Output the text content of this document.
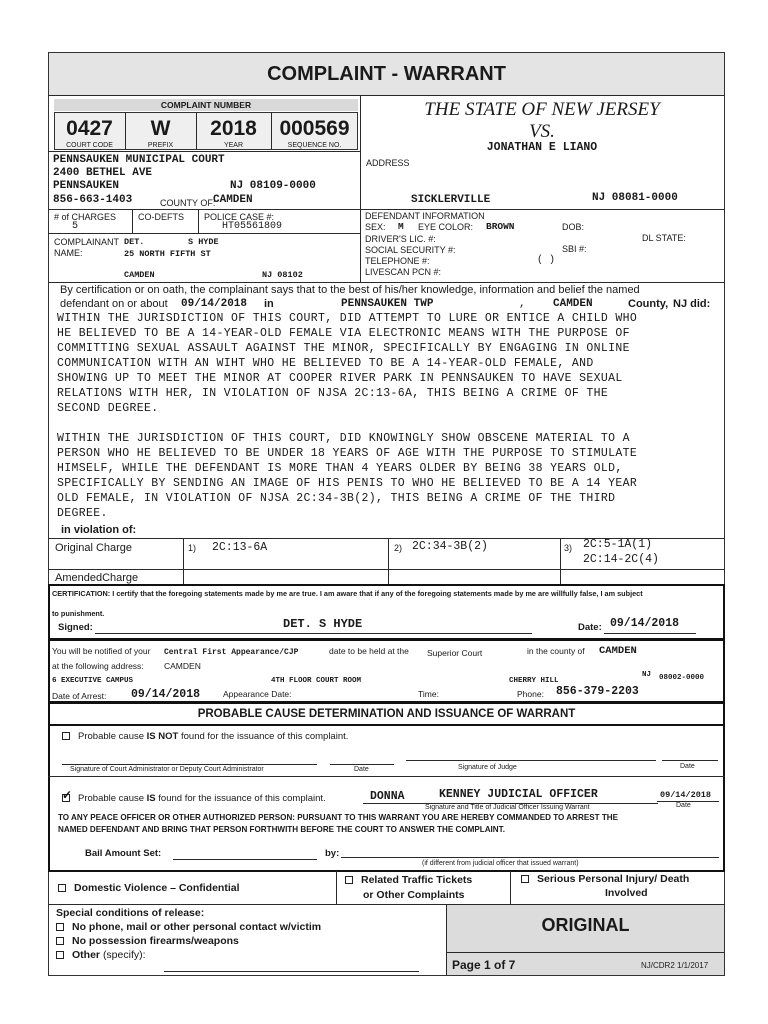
COMPLAINT - WARRANT
COMPLAINT NUMBER
0427	W	2018	000569
COURT CODE	PREFIX	YEAR	SEQUENCE NO.
THE STATE OF NEW JERSEY
VS.
JONATHAN E LIANO
ADDRESS
SICKLERVILLE	NJ 08081-0000
PENNSAUKEN MUNICIPAL COURT
2400 BETHEL AVE
PENNSAUKEN	NJ 08109-0000
856-663-1403	COUNTY OF:
CAMDEN
# of CHARGES
5
CO-DEFTS POLICE CASE #:
HT05561809
COMPLAINANT
NAME:
DET.	S HYDE
25 NORTH FIFTH ST
CAMDEN	NJ 08102
DEFENDANT INFORMATION
SEX: M EYE COLOR: BROWN	DOB:
DRIVER'S LIC. #:	DL STATE:
SOCIAL SECURITY #:	SBI #:
TELEPHONE #:	( )
LIVESCAN PCN #:
By certification or on oath, the complainant says that to the best of his/her knowledge, information and belief the named
defendant on or about 09/14/2018 in	PENNSAUKEN TWP	, CAMDEN	County, NJ did:
WITHIN THE JURISDICTION OF THIS COURT, DID ATTEMPT TO LURE OR ENTICE A CHILD WHO
HE BELIEVED TO BE A 14-YEAR-OLD FEMALE VIA ELECTRONIC MEANS WITH THE PURPOSE OF
COMMITTING SEXUAL ASSAULT AGAINST THE MINOR, SPECIFICALLY BY ENGAGING IN ONLINE
COMMUNICATION WITH AN WIHT WHO HE BELIEVED TO BE A 14-YEAR-OLD FEMALE, AND
SHOWING UP TO MEET THE MINOR AT COOPER RIVER PARK IN PENNSAUKEN TO HAVE SEXUAL
RELATIONS WITH HER, IN VIOLATION OF NJSA 2C:13-6A, THIS BEING A CRIME OF THE
SECOND DEGREE.
WITHIN THE JURISDICTION OF THIS COURT, DID KNOWINGLY SHOW OBSCENE MATERIAL TO A
PERSON WHO HE BELIEVED TO BE UNDER 18 YEARS OF AGE WITH THE PURPOSE TO STIMULATE
HIMSELF, WHILE THE DEFENDANT IS MORE THAN 4 YEARS OLDER BY BEING 38 YEARS OLD,
SPECIFICALLY BY SENDING AN IMAGE OF HIS PENIS TO WHO HE BELIEVED TO BE A 14 YEAR
OLD FEMALE, IN VIOLATION OF NJSA 2C:34-3B(2), THIS BEING A CRIME OF THE THIRD
DEGREE.
in violation of:
Original Charge	1) 2C:13-6A	2) 2C:34-3B(2)	3) 2C:5-1A(1)
2C:14-2C(4)
AmendedCharge
CERTIFICATION: I certify that the foregoing statements made by me are true. I am aware that if any of the foregoing statements made by me are willfully false, I am subject
to punishment.
Signed:	DET. S HYDE	Date: 09/14/2018
You will be notified of your Central First Appearance/CJP	date to be held at the Superior Court	in the county of CAMDEN
at the following address: CAMDEN
6 EXECUTIVE CAMPUS	4TH FLOOR COURT ROOM	CHERRY HILL
NJ 08002-0000
Date of Arrest: 09/14/2018	Appearance Date:	Time:	Phone: 856-379-2203
PROBABLE CAUSE DETERMINATION AND ISSUANCE OF WARRANT
Probable cause IS NOT found for the issuance of this complaint.
Signature of Court Administrator or Deputy Court Administrator	Date	Signature of Judge	Date
✓ Probable cause IS found for the issuance of this complaint.	DONNA	KENNEY JUDICIAL OFFICER	09/14/2018
Signature and Title of Judicial Officer Issuing Warrant	Date
TO ANY PEACE OFFICER OR OTHER AUTHORIZED PERSON: PURSUANT TO THIS WARRANT YOU ARE HEREBY COMMANDED TO ARREST THE
NAMED DEFENDANT AND BRING THAT PERSON FORTHWITH BEFORE THE COURT TO ANSWER THE COMPLAINT.
Bail Amount Set:	by:
(if different from judicial officer that issued warrant)
Domestic Violence – Confidential
Related Traffic Tickets
or Other Complaints
Serious Personal Injury/ Death
Involved
Special conditions of release:
No phone, mail or other personal contact w/victim
No possession firearms/weapons
Other (specify):
ORIGINAL
Page 1 of 7	NJ/CDR2 1/1/2017
